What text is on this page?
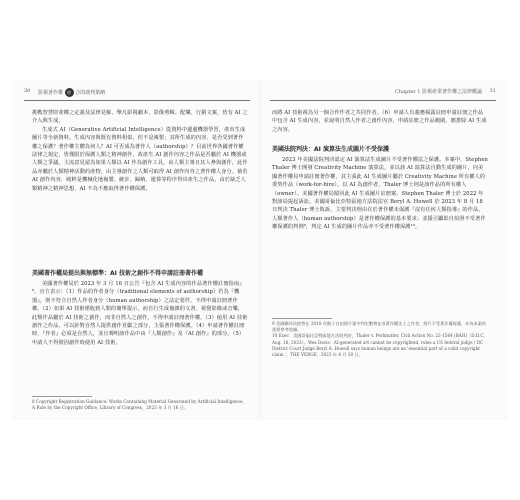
30 影視著作權 你 合的談判策略

挑戰智慧財產權之定義及法律見解，舉凡影視劇本、影像剪輯、配樂、行銷文案，皆有 AI 之介入與生成。

生成式 AI（Generative Artificial Intelligence）從資料中邊邊機器學習，產出生成圖片等全新資料。生成內容與既有資料相似，但不是複製；其所生成的內容，是否受到著作權之保護？著作權主體為何人？AI 可否成為著作人（authorship）？目前世界各國著作權法律之規定，皆僅限於保護人類之精神創作，故產生 AI 創作內容之作品是否屬於 AI 機器或人類之爭議。主流意見認為如果人類以 AI 作為創作工具，由人類主導且其人參與創作，此作品亦屬於人類精神活動的產物，由主導創作之人類可取得 AI 創作內容之著作權人身分。倘若 AI 創作內容，純粹是機械化地複製、統計、歸納、運算等程序得出產生之作品，由於缺乏人類精神之精神思想，AI 不為不應取得著作權保護。

美國著作權局提出與無標準：AI 技術之創作不得申請註冊著作權
美國著作權局於 2023 年 3 月 16 日公告『包含 AI 生成內容的作品著作權註冊指南』⁸，官方表示：（1）作品的作者身分（traditional elements of authorship）若為『機器』，則不符合自然人作者身分（human authorship）之法定要件，不得申請註冊著作權。（2）如果 AI 技術僅收到人類的簡單提示，而自行生成複雜的文書、視覺影像或音樂，此類作品屬於 AI 技術之創作，而非自然人之創作，不得申請註冊著作權。（3）使用 AI 技術創作之作品，可以針對自然人提供創作貢獻之部分，主張著作權保護。（4）申請著作權註冊時，『作者』必須是自然人，並且聲明該作品中由『人類創作』及『AI 創作』的部分。（5）申請人不得擅因創作時使用 AI 技術，
8 Copyright Registration Guidance: Works Containing Material Generated by Artificial Intelligence，A Rule by the Copyright Office, Library of Congress，2023 年 3 月 16 日。
Chapter 1 影視產業著作權之法律概論 31

而將 AI 技術視為另一個合作作者之共同作者。（6）申請人有義務揭露註冊申請註冊之作品中包含 AI 生成內容，並說明自然人作者之創作內容，申請註冊之作品範圍，應排除 AI 生成之內容。

美國法院判決：AI 演算法生成圖片不受保護
2023 年美國法院判決認定 AI 演算法生成圖片不受著作權法之保護。本案中，Stephen Thaler 博士開發 Creativity Machine 演算法，並以該 AI 演算法自動生成的圖片，向美國著作權局申請註冊著作權，其主張此 AI 生成圖片屬於 Creativity Machine 所有權人的委契作品（work-for-hire），以 AI 為創作者，Thaler 博士則是該作品的所有權人（owner）。美國著作權局駁回此 AI 生成圖片註冊案，Stephen Thaler 博士於 2022 年對該局提起訴訟。美國哥倫比亞特區地方法院法官 Beryl A. Howell 於 2023 年 8 月 18 日判決 Thaler 博士敗訴，主要判決理由在於著作權未保護『沒有任何人類指導』的作品，人類著作人（human authorship）是著作權保護的基本要求；並援引攝影自拍照不受著作權保護的判例⁹，判定 AI 生成的圖片作品亦不受著作權保護¹⁰。

9 美國聯邦法院曾在 2018 年猴子自拍照片案中判定動物並非著作權法上之作者，照片不受著作權保護，亦為本案的重要參考依據。

10 Exec：美國哥倫比亞特區地方法院判決，Thaler v. Perlmutter, Civil Action No. 22-1564 (BAH)（D.D.C. Aug. 18, 2023）。Wes Davis：AI-generated art cannot be copyrighted, rules a US federal judge / DC District Court Judge Beryl A. Howell says human beings are an 'essential part of a valid copyright claim.'，THE VERGE，2023 年 8 月 20 日。
